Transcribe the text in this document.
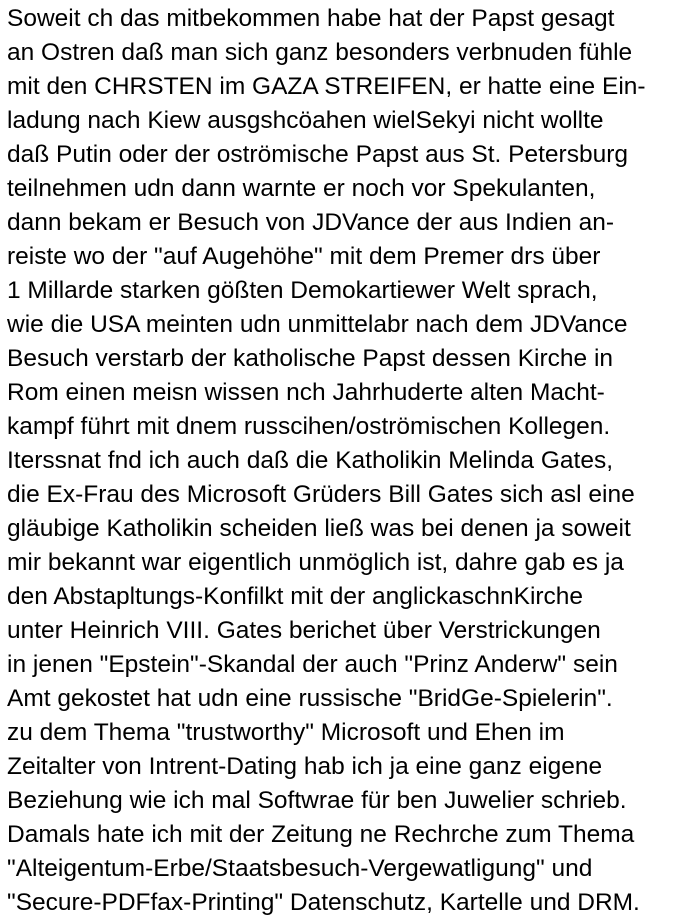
Soweit ch das mitbekommen habe hat der Papst gesagt
an Ostren daß man sich ganz besonders verbnuden fühle
mit den CHRSTEN im GAZA STREIFEN, er hatte eine Ein-
ladung nach Kiew ausgshcöahen wielSekyi nicht wollte
daß Putin oder der oströmische Papst aus St. Petersburg
teilnehmen udn dann warnte er noch vor Spekulanten,
dann bekam er Besuch von JDVance der aus Indien an-
reiste wo der "auf Augehöhe" mit dem Premer drs über
1 Millarde starken gößten Demokartiewer Welt sprach,
wie die USA meinten udn unmittelabr nach dem JDVance
Besuch verstarb der katholische Papst dessen Kirche in
Rom einen meisn wissen nch Jahrhuderte alten Macht-
kampf führt mit dnem russcihen/oströmischen Kollegen.
Iterssnat fnd ich auch daß die Katholikin Melinda Gates,
die Ex-Frau des Microsoft Grüders Bill Gates sich asl eine
gläubige Katholikin scheiden ließ was bei denen ja soweit
mir bekannt war eigentlich unmöglich ist, dahre gab es ja
den Abstapltungs-Konfilkt mit der anglickaschnKirche
unter Heinrich VIII. Gates berichet über Verstrickungen
in jenen "Epstein"-Skandal der auch "Prinz Anderw" sein
Amt gekostet hat udn eine russische "BridGe-Spielerin".
zu dem Thema "trustworthy" Microsoft und Ehen im
Zeitalter von Intrent-Dating hab ich ja eine ganz eigene
Beziehung wie ich mal Softwrae für ben Juwelier schrieb.
Damals hate ich mit der Zeitung ne Rechrche zum Thema
"Alteigentum-Erbe/Staatsbesuch-Vergewatligung" und
"Secure-PDFfax-Printing" Datenschutz, Kartelle und DRM.
